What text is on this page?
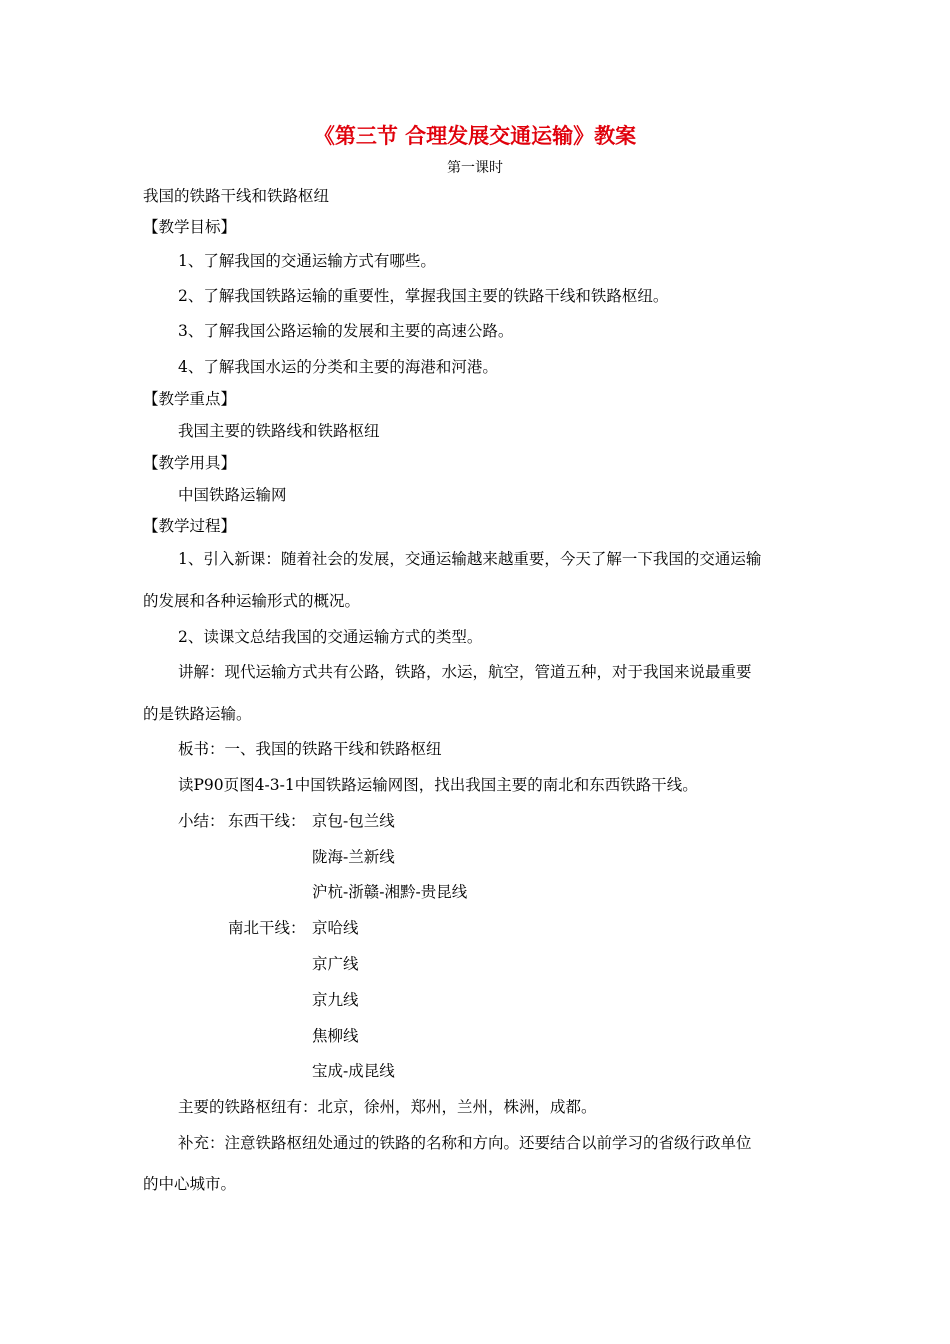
《第三节 合理发展交通运输》教案
第一课时
我国的铁路干线和铁路枢纽
【教学目标】
1、了解我国的交通运输方式有哪些。
2、了解我国铁路运输的重要性，掌握我国主要的铁路干线和铁路枢纽。
3、了解我国公路运输的发展和主要的高速公路。
4、了解我国水运的分类和主要的海港和河港。
【教学重点】
我国主要的铁路线和铁路枢纽
【教学用具】
中国铁路运输网
【教学过程】
1、引入新课：随着社会的发展，交通运输越来越重要，今天了解一下我国的交通运输
的发展和各种运输形式的概况。
2、读课文总结我国的交通运输方式的类型。
讲解：现代运输方式共有公路，铁路，水运，航空，管道五种，对于我国来说最重要
的是铁路运输。
板书：一、我国的铁路干线和铁路枢纽
读P90页图4-3-1中国铁路运输网图，找出我国主要的南北和东西铁路干线。
小结： 东西干线： 京包-包兰线
陇海-兰新线
沪杭-浙赣-湘黔-贵昆线
南北干线： 京哈线
京广线
京九线
焦柳线
宝成-成昆线
主要的铁路枢纽有：北京，徐州，郑州，兰州，株洲，成都。
补充：注意铁路枢纽处通过的铁路的名称和方向。还要结合以前学习的省级行政单位
的中心城市。
